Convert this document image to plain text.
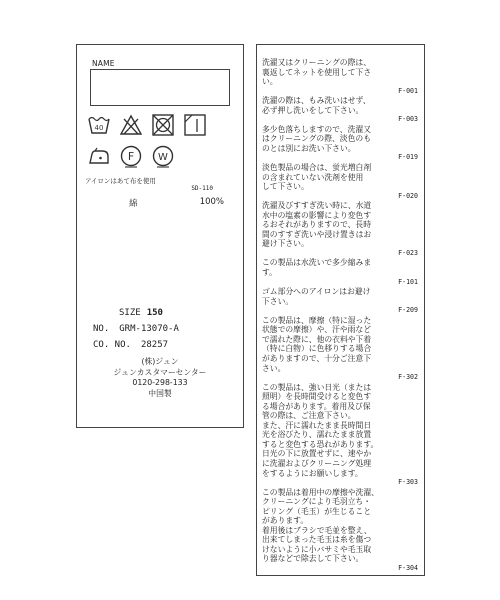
NAME
40
F W
アイロンはあて布を使用
SD-110
綿	100%
SIZE 150
NO. GRM-13070-A
CO. NO. 28257
(株)ジュン
ジュンカスタマーセンター
0120-298-133
中国製
洗濯又はクリーニングの際は、
裏返してネットを使用して下さ
い。
F-001
洗濯の際は、もみ洗いはせず、
必ず押し洗いをして下さい。
F-003
多少色落ちしますので、洗濯又
はクリーニングの際、淡色のも
のとは別にお洗い下さい。
F-019
淡色製品の場合は、蛍光増白剤
の含まれていない洗剤を使用
して下さい。
F-020
洗濯及びすすぎ洗い時に、水道
水中の塩素の影響により変色す
るおそれがありますので、長時
間のすすぎ洗いや浸け置きはお
避け下さい。
F-023
この製品は水洗いで多少縮みま
す。
F-101
ゴム部分へのアイロンはお避け
下さい。
F-209
この製品は、摩擦（特に湿った
状態での摩擦）や、汗や雨など
で濡れた際に、他の衣料や下着
（特に白物）に色移りする場合
がありますので、十分ご注意下
さい。
F-302
この製品は、強い日光（または
照明）を長時間受けると変色す
る場合があります。着用及び保
管の際は、ご注意下さい。
また、汗に濡れたまま長時間日
光を浴びたり、濡れたまま放置
すると変色する恐れがあります。
日光の下に放置せずに、速やか
に洗濯およびクリーニング処理
をするようにお願いします。
F-303
この製品は着用中の摩擦や洗濯、
クリーニングにより毛羽立ち・
ピリング（毛玉）が生じること
があります。
着用後はブラシで毛並を整え、
出来てしまった毛玉は糸を傷つ
けないように小バサミや毛玉取
り器などで除去して下さい。
F-304
